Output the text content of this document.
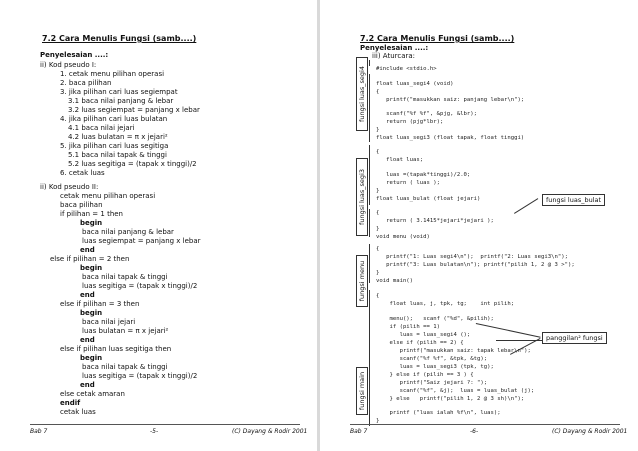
7.2 Cara Menulis Fungsi (samb....)
Penyelesaian ....:
ii) Kod pseudo I:
1. cetak menu pilihan operasi
2. baca pilihan
3. jika pilihan cari luas segiempat
3.1 baca nilai panjang & lebar
3.2 luas segiempat = panjang x lebar
4. jika pilihan cari luas bulatan
4.1 baca nilai jejari
4.2 luas bulatan = π x jejari²
5. jika pilihan cari luas segitiga
5.1 baca nilai tapak & tinggi
5.2 luas segitiga = (tapak x tinggi)/2
6. cetak luas
ii) Kod pseudo II:
cetak menu pilihan operasi
baca pilihan
if pilihan = 1 then
begin
baca nilai panjang & lebar
luas segiempat = panjang x lebar
end
else if pilihan = 2 then
begin
baca nilai tapak & tinggi
luas segitiga = (tapak x tinggi)/2
end
else if pilihan = 3 then
begin
baca nilai jejari
luas bulatan = π x jejari²
end
else if pilihan luas segitiga then
begin
baca nilai tapak & tinggi
luas segitiga = (tapak x tinggi)/2
end
else cetak amaran
endif
cetak luas
Bab 7	-5-	(C) Dayang & Rodir 2001
7.2 Cara Menulis Fungsi (samb....)
Penyelesaian ....:
iii) Aturcara:
fungsi luas_segi4
fungsi luas_segi3
fungsi menu
fungsi main
#include <stdio.h>
float luas_segi4 (void)
{
printf("masukkan saiz: panjang lebar\n");
scanf("%f %f", &pjg, &lbr);
return (pjg*lbr);
}
float luas_segi3 (float tapak, float tinggi)
{
float luas;
luas =(tapak*tinggi)/2.0;
return ( luas );
}
float luas_bulat (float jejari)
{
return ( 3.1415*jejari*jejari );
}
void menu (void)
{
printf("1: Luas segi4\n");  printf("2: Luas segi3\n");
printf("3: Luas bulatan\n"); printf("pilih 1, 2 @ 3 >");
}
void main()
{
float luas, j, tpk, tg;    int pilih;
menu();   scanf ("%d", &pilih);
if (pilih == 1)
luas = luas_segi4 ();
else if (pilih == 2) {
printf("masukkan saiz: tapak lebar\n");
scanf("%f %f", &tpk, &tg);
luas = luas_segi3 (tpk, tg);
} else if (pilih == 3 ) {
printf("Saiz jejari ?: ");
scanf("%f", &j);  luas = luas_bulat (j);
} else   printf("pilih 1, 2 @ 3 sh)\n");
printf ("luas ialah %f\n", luas);
}
fungsi luas_bulat
panggilan² fungsi
Bab 7	-6-	(C) Dayang & Rodir 2001
